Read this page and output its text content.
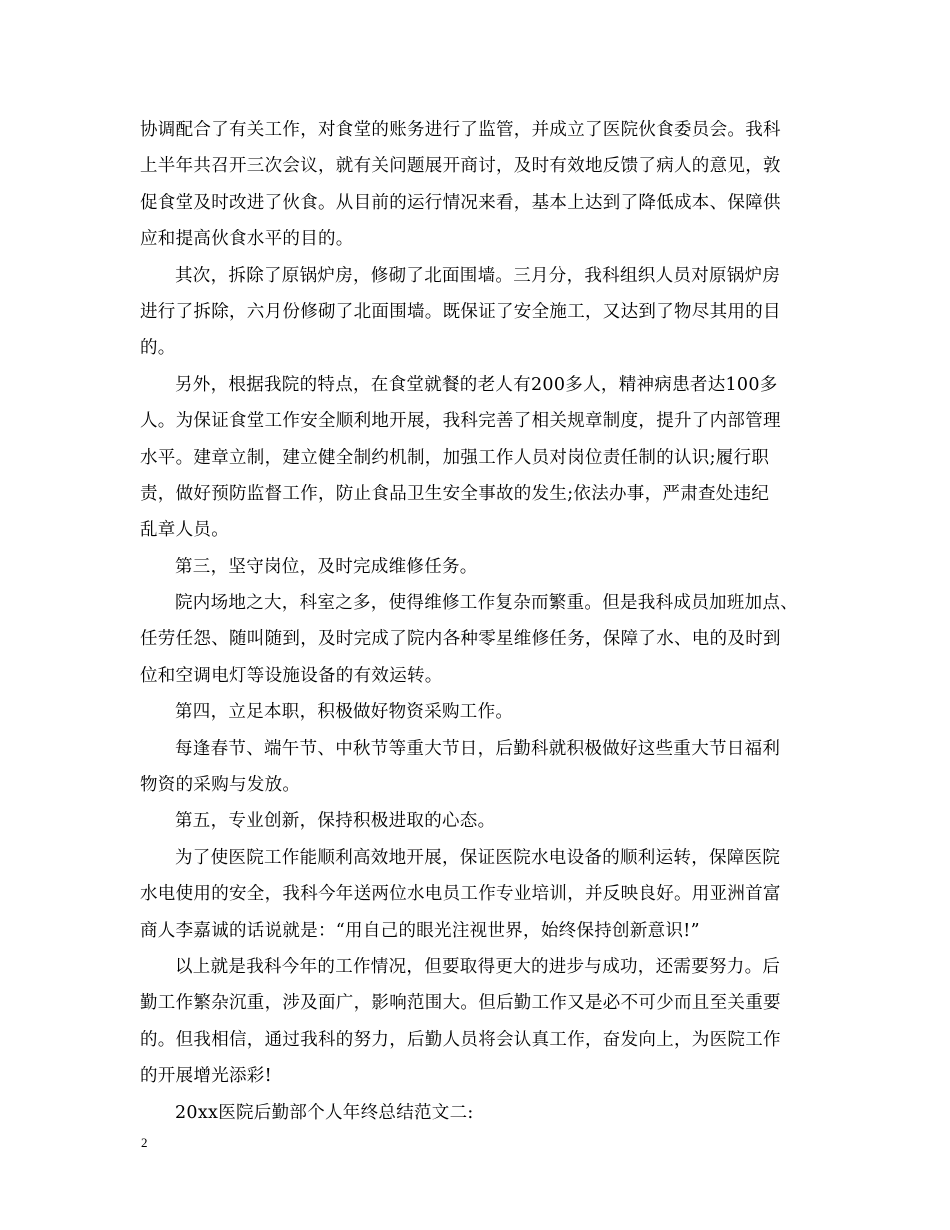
协调配合了有关工作，对食堂的账务进行了监管，并成立了医院伙食委员会。我科
上半年共召开三次会议，就有关问题展开商讨，及时有效地反馈了病人的意见，敦
促食堂及时改进了伙食。从目前的运行情况来看，基本上达到了降低成本、保障供
应和提高伙食水平的目的。
其次，拆除了原锅炉房，修砌了北面围墙。三月分，我科组织人员对原锅炉房
进行了拆除，六月份修砌了北面围墙。既保证了安全施工，又达到了物尽其用的目
的。
另外，根据我院的特点，在食堂就餐的老人有200多人，精神病患者达100多
人。为保证食堂工作安全顺利地开展，我科完善了相关规章制度，提升了内部管理
水平。建章立制，建立健全制约机制，加强工作人员对岗位责任制的认识;履行职
责，做好预防监督工作，防止食品卫生安全事故的发生;依法办事，严肃查处违纪
乱章人员。
第三，坚守岗位，及时完成维修任务。
院内场地之大，科室之多，使得维修工作复杂而繁重。但是我科成员加班加点、
任劳任怨、随叫随到，及时完成了院内各种零星维修任务，保障了水、电的及时到
位和空调电灯等设施设备的有效运转。
第四，立足本职，积极做好物资采购工作。
每逢春节、端午节、中秋节等重大节日，后勤科就积极做好这些重大节日福利
物资的采购与发放。
第五，专业创新，保持积极进取的心态。
为了使医院工作能顺利高效地开展，保证医院水电设备的顺利运转，保障医院
水电使用的安全，我科今年送两位水电员工作专业培训，并反映良好。用亚洲首富
商人李嘉诚的话说就是：“用自己的眼光注视世界，始终保持创新意识!”
以上就是我科今年的工作情况，但要取得更大的进步与成功，还需要努力。后
勤工作繁杂沉重，涉及面广，影响范围大。但后勤工作又是必不可少而且至关重要
的。但我相信，通过我科的努力，后勤人员将会认真工作，奋发向上，为医院工作
的开展增光添彩!
20xx医院后勤部个人年终总结范文二:
2
